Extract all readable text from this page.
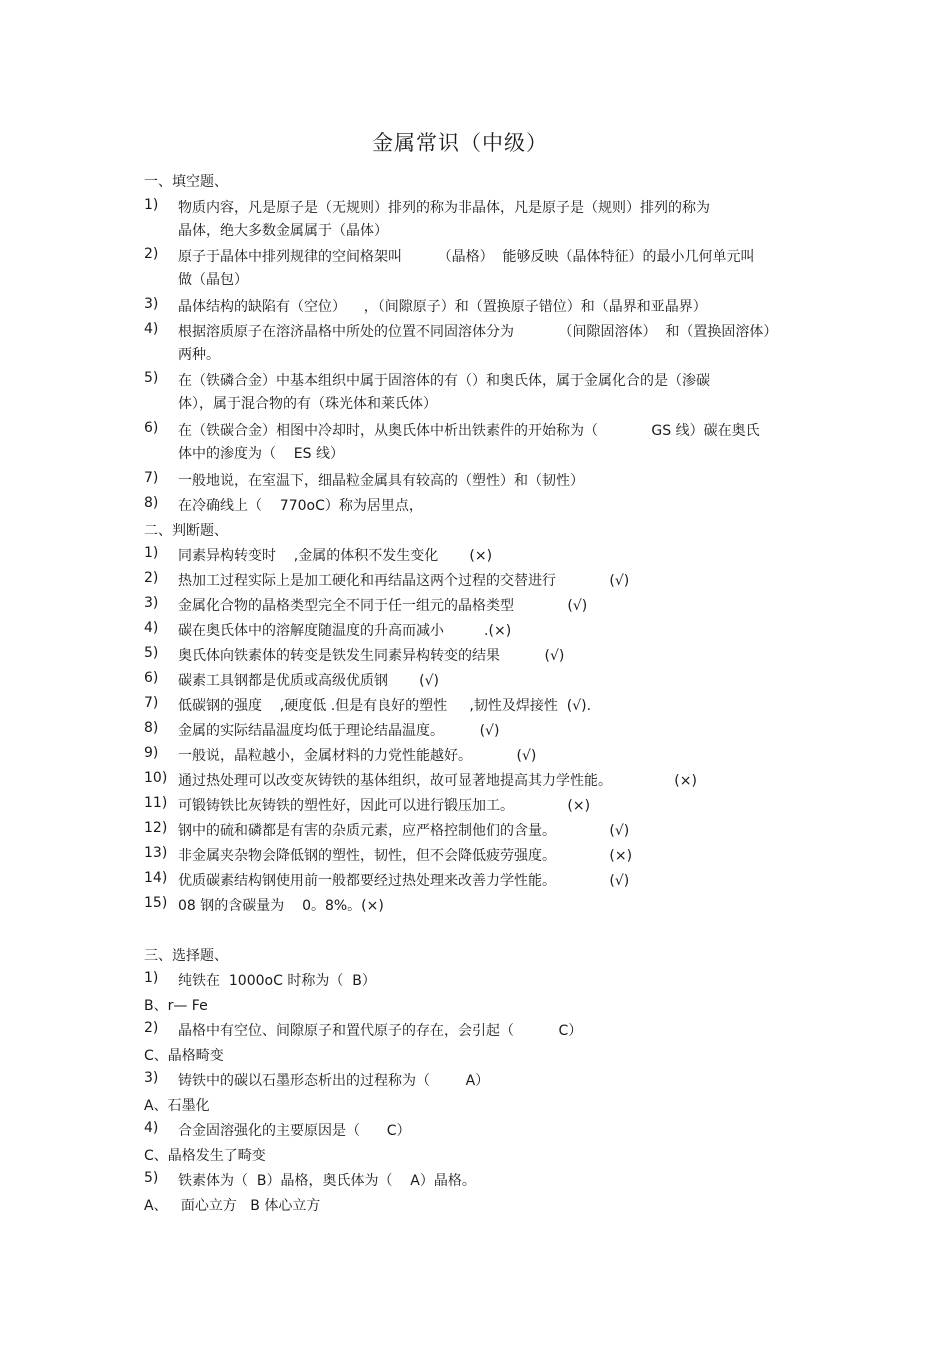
金属常识（中级）
一、填空题、
1)	物质内容，凡是原子是（无规则）排列的称为非晶体，凡是原子是（规则）排列的称为
晶体，绝大多数金属属于（晶体）
2)	原子于晶体中排列规律的空间格架叫        （晶格）  能够反映（晶体特征）的最小几何单元叫
做（晶包）
3)	晶体结构的缺陷有（空位）    ，（间隙原子）和（置换原子错位）和（晶界和亚晶界）
4)	根据溶质原子在溶济晶格中所处的位置不同固溶体分为          （间隙固溶体）  和（置换固溶体）
两种。
5)	在（铁磷合金）中基本组织中属于固溶体的有（）和奥氏体，属于金属化合的是（渗碳
体），属于混合物的有（珠光体和莱氏体）
6)	在（铁碳合金）相图中冷却时，从奥氏体中析出铁素件的开始称为（            GS 线）碳在奥氏
体中的渗度为（    ES 线）
7)	一般地说，在室温下，细晶粒金属具有较高的（塑性）和（韧性）
8)	在冷确线上（    770oC）称为居里点，
二、判断题、
1)	同素异构转变时    ,金属的体积不发生变化       (×)
2)	热加工过程实际上是加工硬化和再结晶这两个过程的交替进行            (√)
3)	金属化合物的晶格类型完全不同于任一组元的晶格类型            (√)
4)	碳在奥氏体中的溶解度随温度的升高而减小         .(×)
5)	奥氏体向铁素体的转变是铁发生同素异构转变的结果          (√)
6)	碳素工具钢都是优质或高级优质钢       (√)
7)	低碳钢的强度    ,硬度低 .但是有良好的塑性     ,韧性及焊接性  (√).
8)	金属的实际结晶温度均低于理论结晶温度。        (√)
9)	一般说，晶粒越小，金属材料的力党性能越好。          (√)
10) 通过热处理可以改变灰铸铁的基体组织，故可显著地提高其力学性能。              (×)
11) 可锻铸铁比灰铸铁的塑性好，因此可以进行锻压加工。            (×)
12) 钢中的硫和磷都是有害的杂质元素，应严格控制他们的含量。            (√)
13) 非金属夹杂物会降低钢的塑性，韧性，但不会降低疲劳强度。            (×)
14) 优质碳素结构钢使用前一般都要经过热处理来改善力学性能。            (√)
15) 08 钢的含碳量为    0。8%。(×)
三、选择题、
1)	纯铁在  1000oC 时称为（  B）
B、r— Fe
2)	晶格中有空位、间隙原子和置代原子的存在，会引起（          C）
C、晶格畸变
3)	铸铁中的碳以石墨形态析出的过程称为（        A）
A、石墨化
4)	合金固溶强化的主要原因是（      C）
C、晶格发生了畸变
5)	铁素体为（  B）晶格，奥氏体为（    A）晶格。
A、   面心立方   B 体心立方
